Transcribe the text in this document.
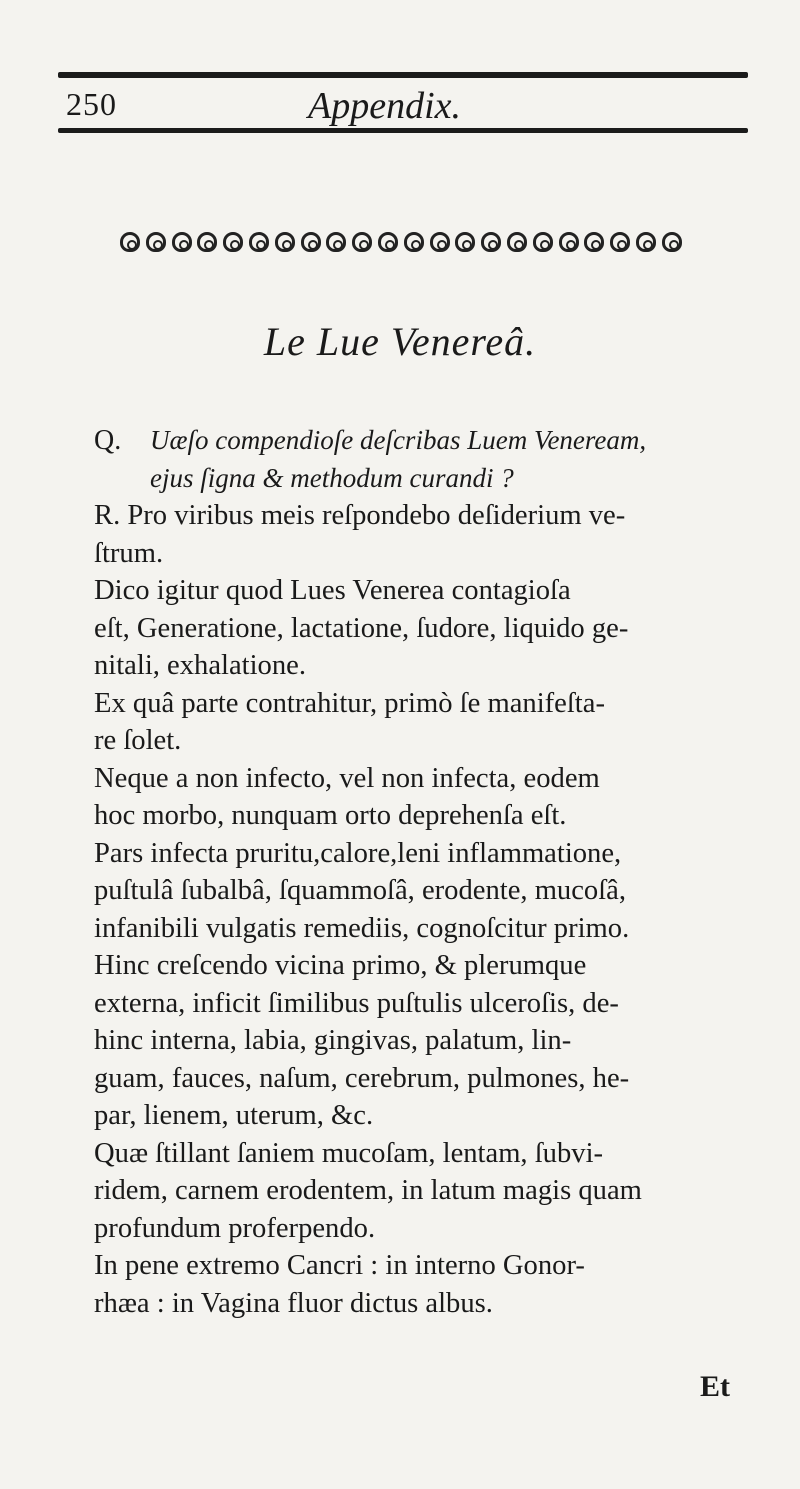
250	Appendix.
Le Lue Venereâ.
Q. Uæſo compendioſe deſcribas Luem Veneream,
ejus ſigna & methodum curandi ?
R. Pro viribus meis reſpondebo deſiderium ve-
ſtrum.
Dico igitur quod Lues Venerea contagioſa
eſt, Generatione, lactatione, ſudore, liquido ge-
nitali, exhalatione.
Ex quâ parte contrahitur, primò ſe manifeſta-
re ſolet.
Neque a non infecto, vel non infecta, eodem
hoc morbo, nunquam orto deprehenſa eſt.
Pars infecta pruritu,calore,leni inflammatione,
puſtulâ ſubalbâ, ſquammoſâ, erodente, mucoſâ,
infanibili vulgatis remediis, cognoſcitur primo.
Hinc creſcendo vicina primo, & plerumque
externa, inficit ſimilibus puſtulis ulceroſis, de-
hinc interna, labia, gingivas, palatum, lin-
guam, fauces, naſum, cerebrum, pulmones, he-
par, lienem, uterum, &c.
Quæ ſtillant ſaniem mucoſam, lentam, ſubvi-
ridem, carnem erodentem, in latum magis quam
profundum proferpendo.
In pene extremo Cancri : in interno Gonor-
rhæa : in Vagina fluor dictus albus.
Et
